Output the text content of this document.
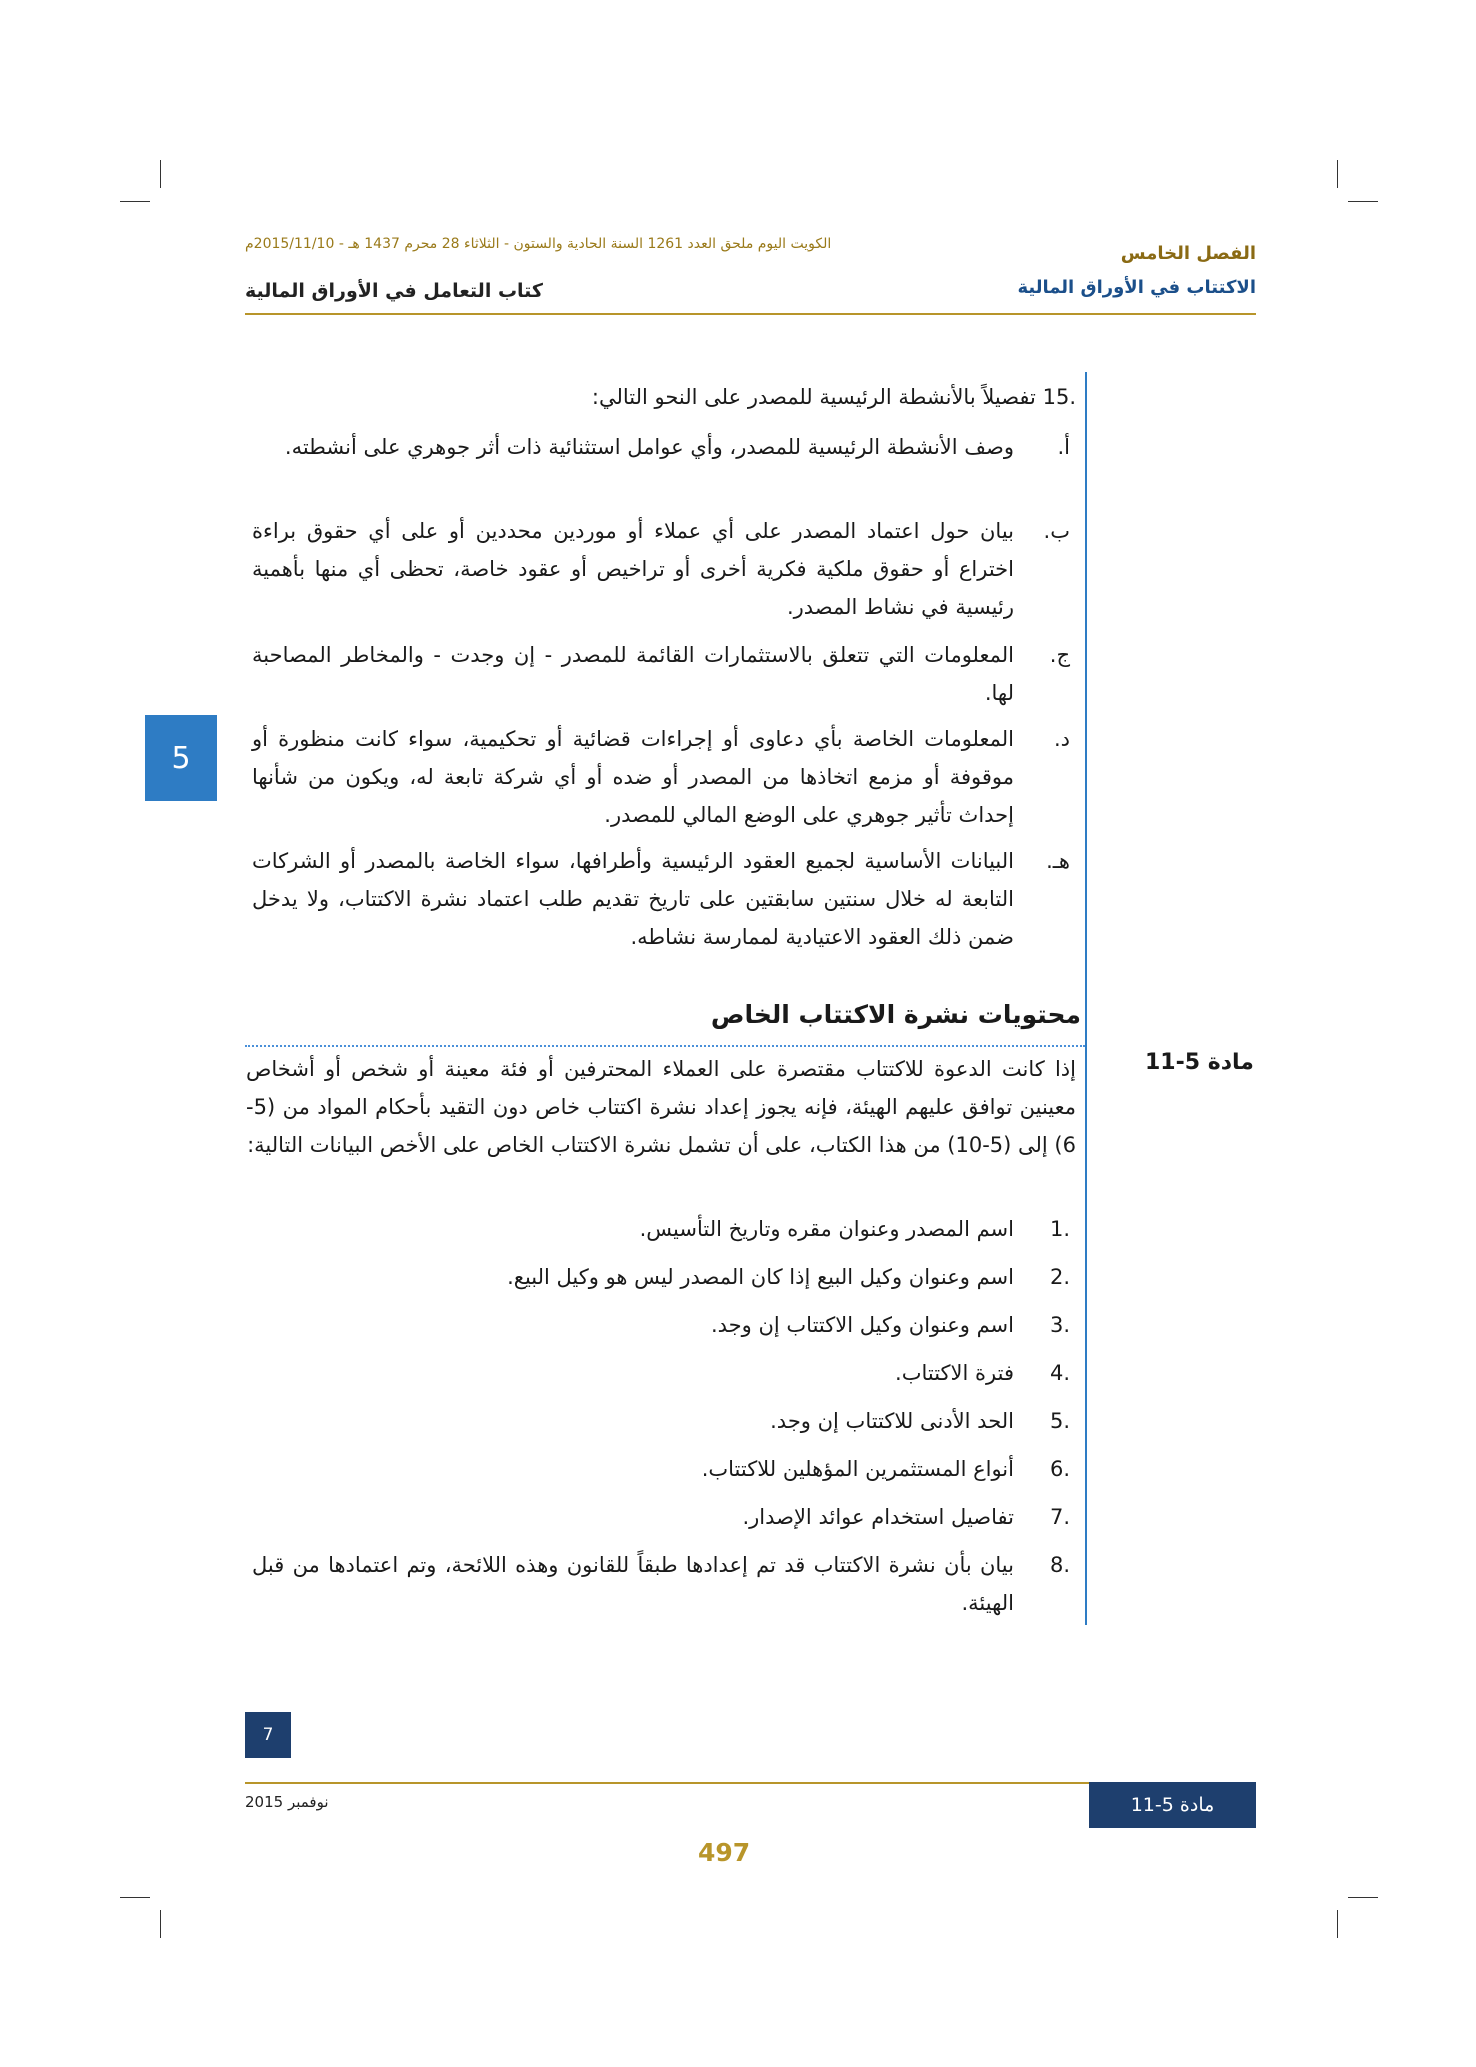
الكويت اليوم ملحق العدد 1261 السنة الحادية والستون - الثلاثاء 28 محرم 1437 هـ - 2015/11/10م	الفصل الخامس
الاكتتاب في الأوراق المالية
كتاب التعامل في الأوراق المالية
5
.15 تفصيلاً بالأنشطة الرئيسية للمصدر على النحو التالي:
أ.
وصف الأنشطة الرئيسية للمصدر، وأي عوامل استثنائية ذات أثر جوهري على أنشطته.
ب.
بيان حول اعتماد المصدر على أي عملاء أو موردين محددين أو على أي حقوق براءة اختراع أو حقوق ملكية فكرية أخرى أو تراخيص أو عقود خاصة، تحظى أي منها بأهمية رئيسية في نشاط المصدر.
ج.
المعلومات التي تتعلق بالاستثمارات القائمة للمصدر - إن وجدت - والمخاطر المصاحبة لها.
د.
المعلومات الخاصة بأي دعاوى أو إجراءات قضائية أو تحكيمية، سواء كانت منظورة أو موقوفة أو مزمع اتخاذها من المصدر أو ضده أو أي شركة تابعة له، ويكون من شأنها إحداث تأثير جوهري على الوضع المالي للمصدر.
هـ.
البيانات الأساسية لجميع العقود الرئيسية وأطرافها، سواء الخاصة بالمصدر أو الشركات التابعة له خلال سنتين سابقتين على تاريخ تقديم طلب اعتماد نشرة الاكتتاب، ولا يدخل ضمن ذلك العقود الاعتيادية لممارسة نشاطه.
محتويات نشرة الاكتتاب الخاص
مادة 5-11
إذا كانت الدعوة للاكتتاب مقتصرة على العملاء المحترفين أو فئة معينة أو شخص أو أشخاص معينين توافق عليهم الهيئة، فإنه يجوز إعداد نشرة اكتتاب خاص دون التقيد بأحكام المواد من (5-6) إلى (5-10) من هذا الكتاب، على أن تشمل نشرة الاكتتاب الخاص على الأخص البيانات التالية:
.1
اسم المصدر وعنوان مقره وتاريخ التأسيس.
.2
اسم وعنوان وكيل البيع إذا كان المصدر ليس هو وكيل البيع.
.3
اسم وعنوان وكيل الاكتتاب إن وجد.
.4
فترة الاكتتاب.
.5
الحد الأدنى للاكتتاب إن وجد.
.6
أنواع المستثمرين المؤهلين للاكتتاب.
.7
تفاصيل استخدام عوائد الإصدار.
.8
بيان بأن نشرة الاكتتاب قد تم إعدادها طبقاً للقانون وهذه اللائحة، وتم اعتمادها من قبل الهيئة.
7
نوفمبر 2015	مادة 5-11
497
